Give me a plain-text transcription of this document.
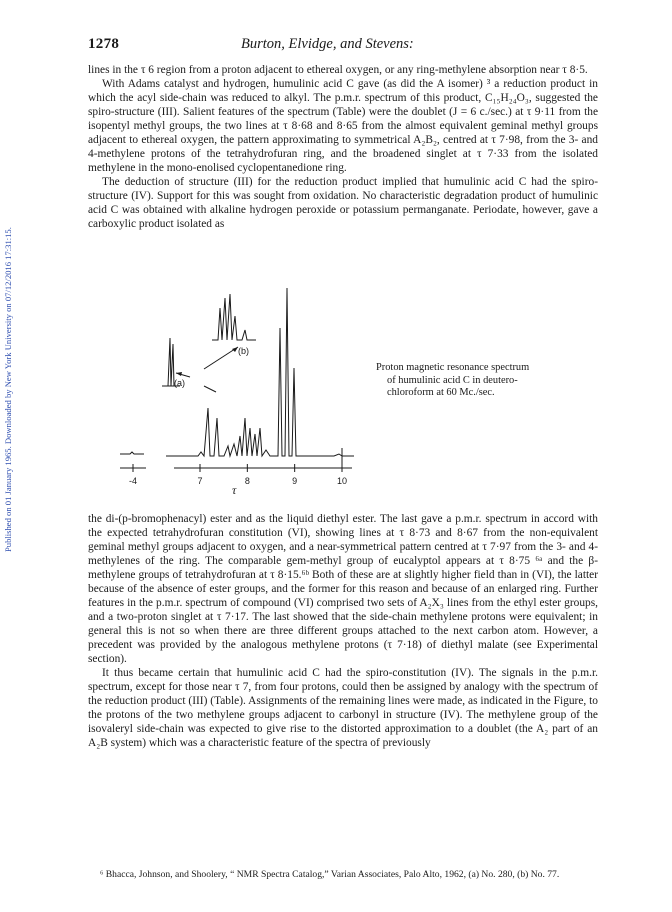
Published on 01 January 1965. Downloaded by New York University on 07/12/2016 17:31:15.
1278	Burton, Elvidge, and Stevens:

lines in the τ 6 region from a proton adjacent to ethereal oxygen, or any ring-methylene absorption near τ 8·5.

With Adams catalyst and hydrogen, humulinic acid C gave (as did the A isomer) ³ a reduction product in which the acyl side-chain was reduced to alkyl. The p.m.r. spectrum of this product, C₁₅H₂₄O₃, suggested the spiro-structure (III). Salient features of the spectrum (Table) were the doublet (J = 6 c./sec.) at τ 9·11 from the isopentyl methyl groups, the two lines at τ 8·68 and 8·65 from the almost equivalent geminal methyl groups adjacent to ethereal oxygen, the pattern approximating to symmetrical A₂B₂, centred at τ 7·98, from the 3- and 4-methylene protons of the tetrahydrofuran ring, and the broadened singlet at τ 7·33 from the isolated methylene in the mono-enolised cyclopentanedione ring.

The deduction of structure (III) for the reduction product implied that humulinic acid C had the spiro-structure (IV). Support for this was sought from oxidation. No characteristic degradation product of humulinic acid C was obtained with alkaline hydrogen peroxide or potassium permanganate. Periodate, however, gave a carboxylic product isolated as

-4	7	8	9	10
(b)
(a)
τ
Proton magnetic resonance spectrum
of humulinic acid C in deutero-
chloroform at 60 Mc./sec.

the di-(p-bromophenacyl) ester and as the liquid diethyl ester. The last gave a p.m.r. spectrum in accord with the expected tetrahydrofuran constitution (VI), showing lines at τ 8·73 and 8·67 from the non-equivalent geminal methyl groups adjacent to oxygen, and a near-symmetrical pattern centred at τ 7·97 from the 3- and 4-methylenes of the ring. The comparable gem-methyl group of eucalyptol appears at τ 8·75 ⁶ᵃ and the β-methylene groups of tetrahydrofuran at τ 8·15.⁶ᵇ Both of these are at slightly higher field than in (VI), the latter because of the absence of ester groups, and the former for this reason and because of an enlarged ring. Further features in the p.m.r. spectrum of compound (VI) comprised two sets of A₂X₃ lines from the ethyl ester groups, and a two-proton singlet at τ 7·17. The last showed that the side-chain methylene protons were equivalent; in general this is not so when there are three different groups attached to the next carbon atom. However, a precedent was provided by the analogous methylene protons (τ 7·18) of diethyl malate (see Experimental section).

It thus became certain that humulinic acid C had the spiro-constitution (IV). The signals in the p.m.r. spectrum, except for those near τ 7, from four protons, could then be assigned by analogy with the spectrum of the reduction product (III) (Table). Assignments of the remaining lines were made, as indicated in the Figure, to the protons of the two methylene groups adjacent to carbonyl in structure (IV). The methylene group of the isovaleryl side-chain was expected to give rise to the distorted approximation to a doublet (the A₂ part of an A₂B system) which was a characteristic feature of the spectra of previously

⁶ Bhacca, Johnson, and Shoolery, “ NMR Spectra Catalog,” Varian Associates, Palo Alto, 1962, (a) No. 280, (b) No. 77.
